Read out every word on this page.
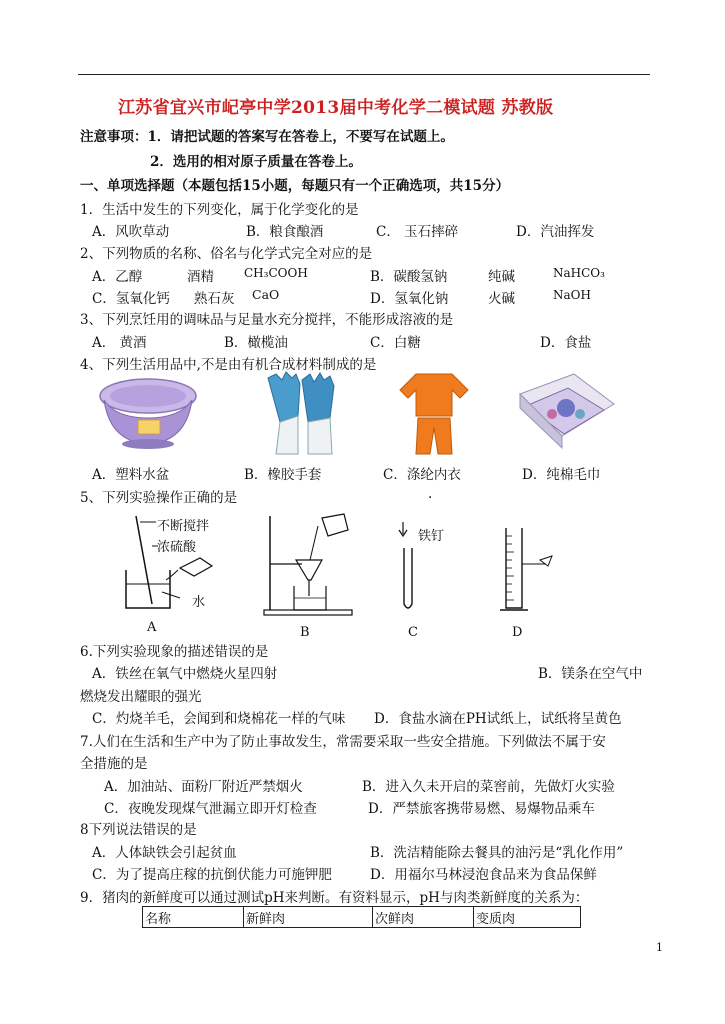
江苏省宜兴市屺亭中学2013届中考化学二模试题 苏教版
注意事项：1．请把试题的答案写在答卷上，不要写在试题上。
2．选用的相对原子质量在答卷上。
一、单项选择题（本题包括15小题，每题只有一个正确选项，共15分）
1．生活中发生的下列变化，属于化学变化的是
A．风吹草动	B．粮食酿酒	C． 玉石摔碎	D．汽油挥发
2、下列物质的名称、俗名与化学式完全对应的是
A．乙醇	酒精	CH₃COOH	B．碳酸氢钠	纯碱	NaHCO₃
C．氢氧化钙 熟石灰 CaO	D．氢氧化钠	火碱	NaOH
3、下列烹饪用的调味品与足量水充分搅拌，不能形成溶液的是
A． 黄酒	B．橄榄油	C．白糖	D．食盐
4、下列生活用品中,不是由有机合成材料制成的是
A．塑料水盆	B．橡胶手套	C．涤纶内衣	D．纯棉毛巾
5、下列实验操作正确的是	.
不断搅拌
浓硫酸
水
铁钉
A	B	C	D
6.下列实验现象的描述错误的是
A．铁丝在氧气中燃烧火星四射	B．镁条在空气中
燃烧发出耀眼的强光
C．灼烧羊毛，会闻到和烧棉花一样的气味 D．食盐水滴在PH试纸上，试纸将呈黄色
7.人们在生活和生产中为了防止事故发生，常需要采取一些安全措施。下列做法不属于安
全措施的是
A．加油站、面粉厂附近严禁烟火	B．进入久未开启的菜窖前，先做灯火实验
C．夜晚发现煤气泄漏立即开灯检查	D．严禁旅客携带易燃、易爆物品乘车
8下列说法错误的是
A．人体缺铁会引起贫血	B．洗洁精能除去餐具的油污是“乳化作用”
C．为了提高庄稼的抗倒伏能力可施钾肥	D．用福尔马林浸泡食品来为食品保鲜
9．猪肉的新鲜度可以通过测试pH来判断。有资料显示，pH与肉类新鲜度的关系为：
名称	新鲜肉	次鲜肉	变质肉
1
